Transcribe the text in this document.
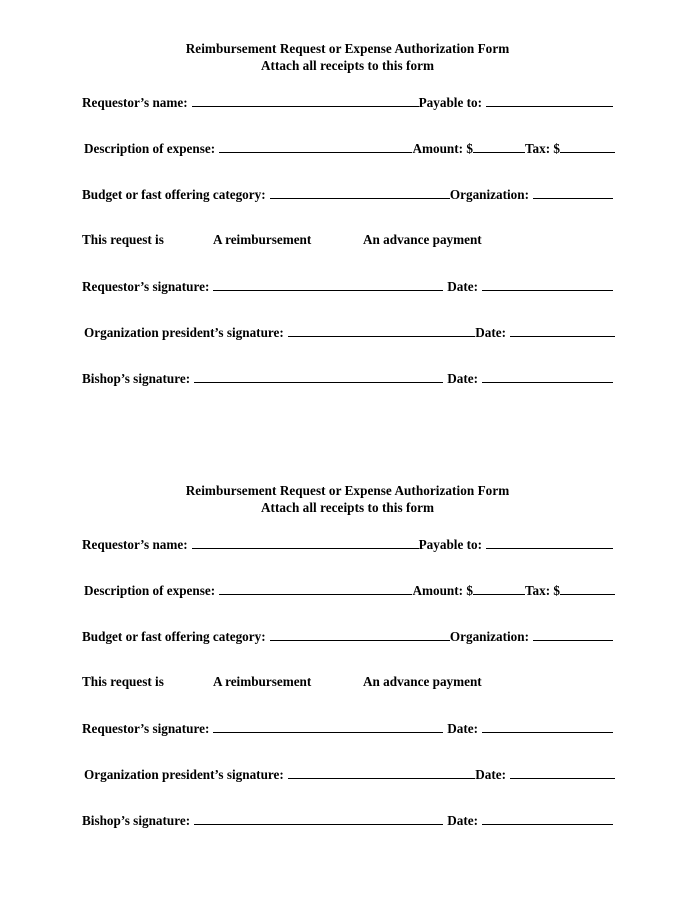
Reimbursement Request or Expense Authorization Form
Attach all receipts to this form
Requestor’s name:	Payable to:
Description of expense:	Amount: $	Tax: $
Budget or fast offering category:	Organization:
This request is	A reimbursement	An advance payment
Requestor’s signature:	Date:
Organization president’s signature:	Date:
Bishop’s signature:	Date:
Reimbursement Request or Expense Authorization Form
Attach all receipts to this form
Requestor’s name:	Payable to:
Description of expense:	Amount: $	Tax: $
Budget or fast offering category:	Organization:
This request is	A reimbursement	An advance payment
Requestor’s signature:	Date:
Organization president’s signature:	Date:
Bishop’s signature:	Date:
